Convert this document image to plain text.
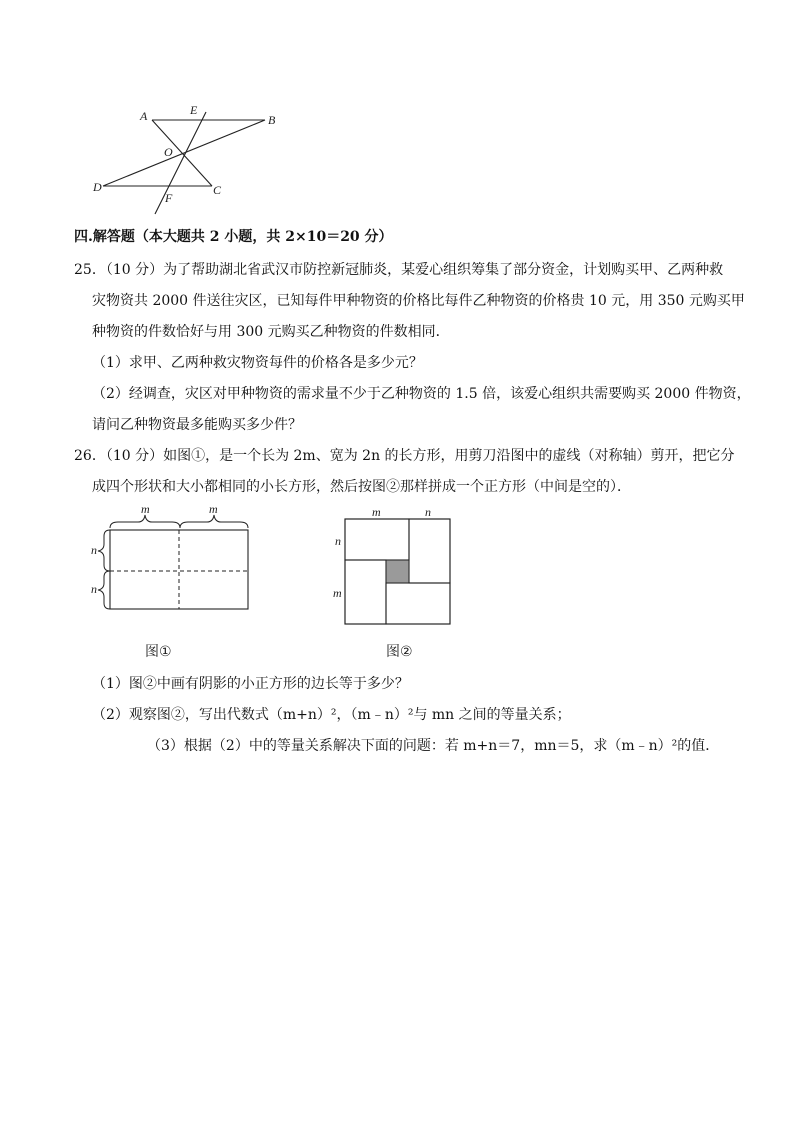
A	E
B
O
D
F
C
四.解答题（本大题共 2 小题，共 2×10＝20 分）
25．（10 分）为了帮助湖北省武汉市防控新冠肺炎，某爱心组织筹集了部分资金，计划购买甲、乙两种救
灾物资共 2000 件送往灾区，已知每件甲种物资的价格比每件乙种物资的价格贵 10 元，用 350 元购买甲
种物资的件数恰好与用 300 元购买乙种物资的件数相同．
（1）求甲、乙两种救灾物资每件的价格各是多少元？
（2）经调查，灾区对甲种物资的需求量不少于乙种物资的 1.5 倍，该爱心组织共需要购买 2000 件物资，
请问乙种物资最多能购买多少件？
26．（10 分）如图①，是一个长为 2m、宽为 2n 的长方形，用剪刀沿图中的虚线（对称轴）剪开，把它分
成四个形状和大小都相同的小长方形，然后按图②那样拼成一个正方形（中间是空的）．
m	m
n
n
图①
m	n
n
m
图②
（1）图②中画有阴影的小正方形的边长等于多少？
（2）观察图②，写出代数式（m+n）²，（m﹣n）²与 mn 之间的等量关系；
（3）根据（2）中的等量关系解决下面的问题：若 m+n＝7，mn＝5，求（m﹣n）²的值．
